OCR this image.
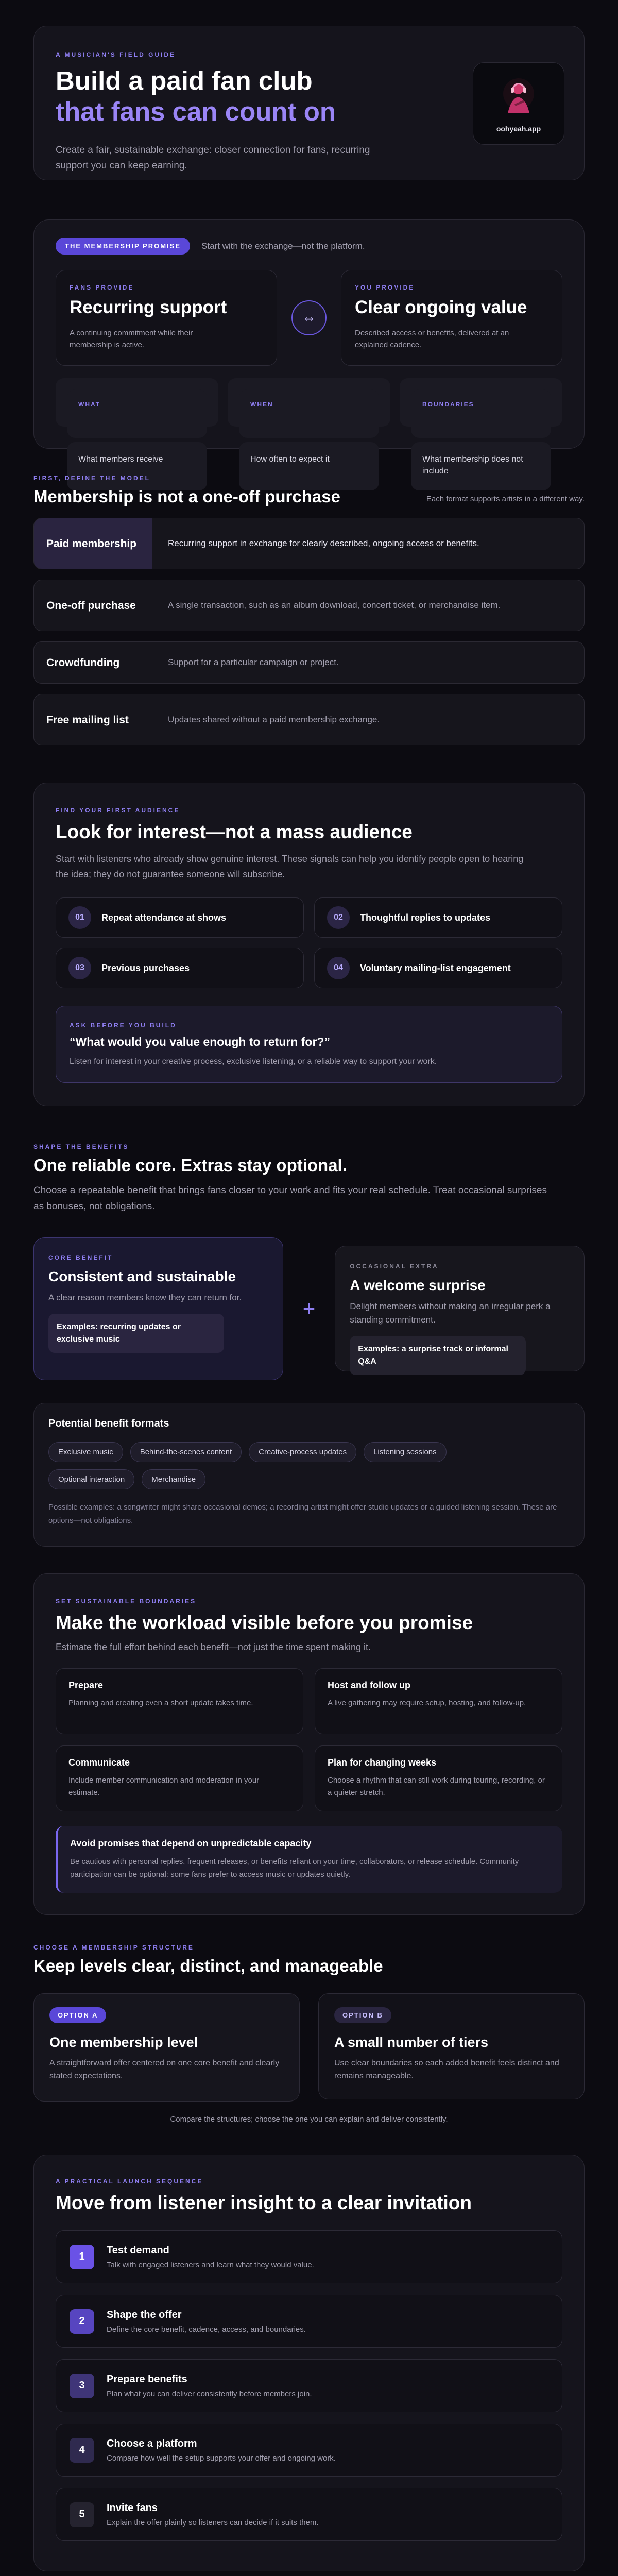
A MUSICIAN'S FIELD GUIDE
Build a paid fan club
that fans can count on

Create a fair, sustainable exchange: closer connection for fans, recurring support you can keep earning.

oohyeah.app
THE MEMBERSHIP PROMISE	Start with the exchange—not the platform.
FANS PROVIDE
Recurring support

A continuing commitment while their membership is active.

⇔
YOU PROVIDE
Clear ongoing value

Described access or benefits, delivered at an explained cadence.

WHAT
What members receive
WHEN
How often to expect it
BOUNDARIES
What membership does not include
FIRST, DEFINE THE MODEL
Membership is not a one-off purchase	Each format supports artists in a different way.
Paid membership	Recurring support in exchange for clearly described, ongoing access or benefits.
One-off purchase	A single transaction, such as an album download, concert ticket, or merchandise item.
Crowdfunding	Support for a particular campaign or project.
Free mailing list	Updates shared without a paid membership exchange.
FIND YOUR FIRST AUDIENCE
Look for interest—not a mass audience

Start with listeners who already show genuine interest. These signals can help you identify people open to hearing the idea; they do not guarantee someone will subscribe.

01	Repeat attendance at shows	02	Thoughtful replies to updates
03	Previous purchases	04	Voluntary mailing-list engagement
ASK BEFORE YOU BUILD
“What would you value enough to return for?”

Listen for interest in your creative process, exclusive listening, or a reliable way to support your work.

SHAPE THE BENEFITS
One reliable core. Extras stay optional.

Choose a repeatable benefit that brings fans closer to your work and fits your real schedule. Treat occasional surprises as bonuses, not obligations.

CORE BENEFIT
Consistent and sustainable

A clear reason members know they can return for.

Examples: recurring updates or exclusive music
+
OCCASIONAL EXTRA
A welcome surprise

Delight members without making an irregular perk a standing commitment.

Examples: a surprise track or informal Q&A
Potential benefit formats
Exclusive music	Behind-the-scenes content	Creative-process updates	Listening sessions
Optional interaction	Merchandise

Possible examples: a songwriter might share occasional demos; a recording artist might offer studio updates or a guided listening session. These are options—not obligations.

SET SUSTAINABLE BOUNDARIES
Make the workload visible before you promise

Estimate the full effort behind each benefit—not just the time spent making it.

Prepare

Planning and creating even a short update takes time.

Host and follow up

A live gathering may require setup, hosting, and follow-up.

Communicate

Include member communication and moderation in your estimate.

Plan for changing weeks

Choose a rhythm that can still work during touring, recording, or a quieter stretch.

Avoid promises that depend on unpredictable capacity

Be cautious with personal replies, frequent releases, or benefits reliant on your time, collaborators, or release schedule. Community participation can be optional: some fans prefer to access music or updates quietly.

CHOOSE A MEMBERSHIP STRUCTURE
Keep levels clear, distinct, and manageable
OPTION A
One membership level

A straightforward offer centered on one core benefit and clearly stated expectations.

OPTION B
A small number of tiers

Use clear boundaries so each added benefit feels distinct and remains manageable.

Compare the structures; choose the one you can explain and deliver consistently.

A PRACTICAL LAUNCH SEQUENCE
Move from listener insight to a clear invitation
1
Test demand
Talk with engaged listeners and learn what they would value.
2
Shape the offer
Define the core benefit, cadence, access, and boundaries.
3
Prepare benefits
Plan what you can deliver consistently before members join.
4
Choose a platform
Compare how well the setup supports your offer and ongoing work.
5
Invite fans
Explain the offer plainly so listeners can decide if it suits them.
